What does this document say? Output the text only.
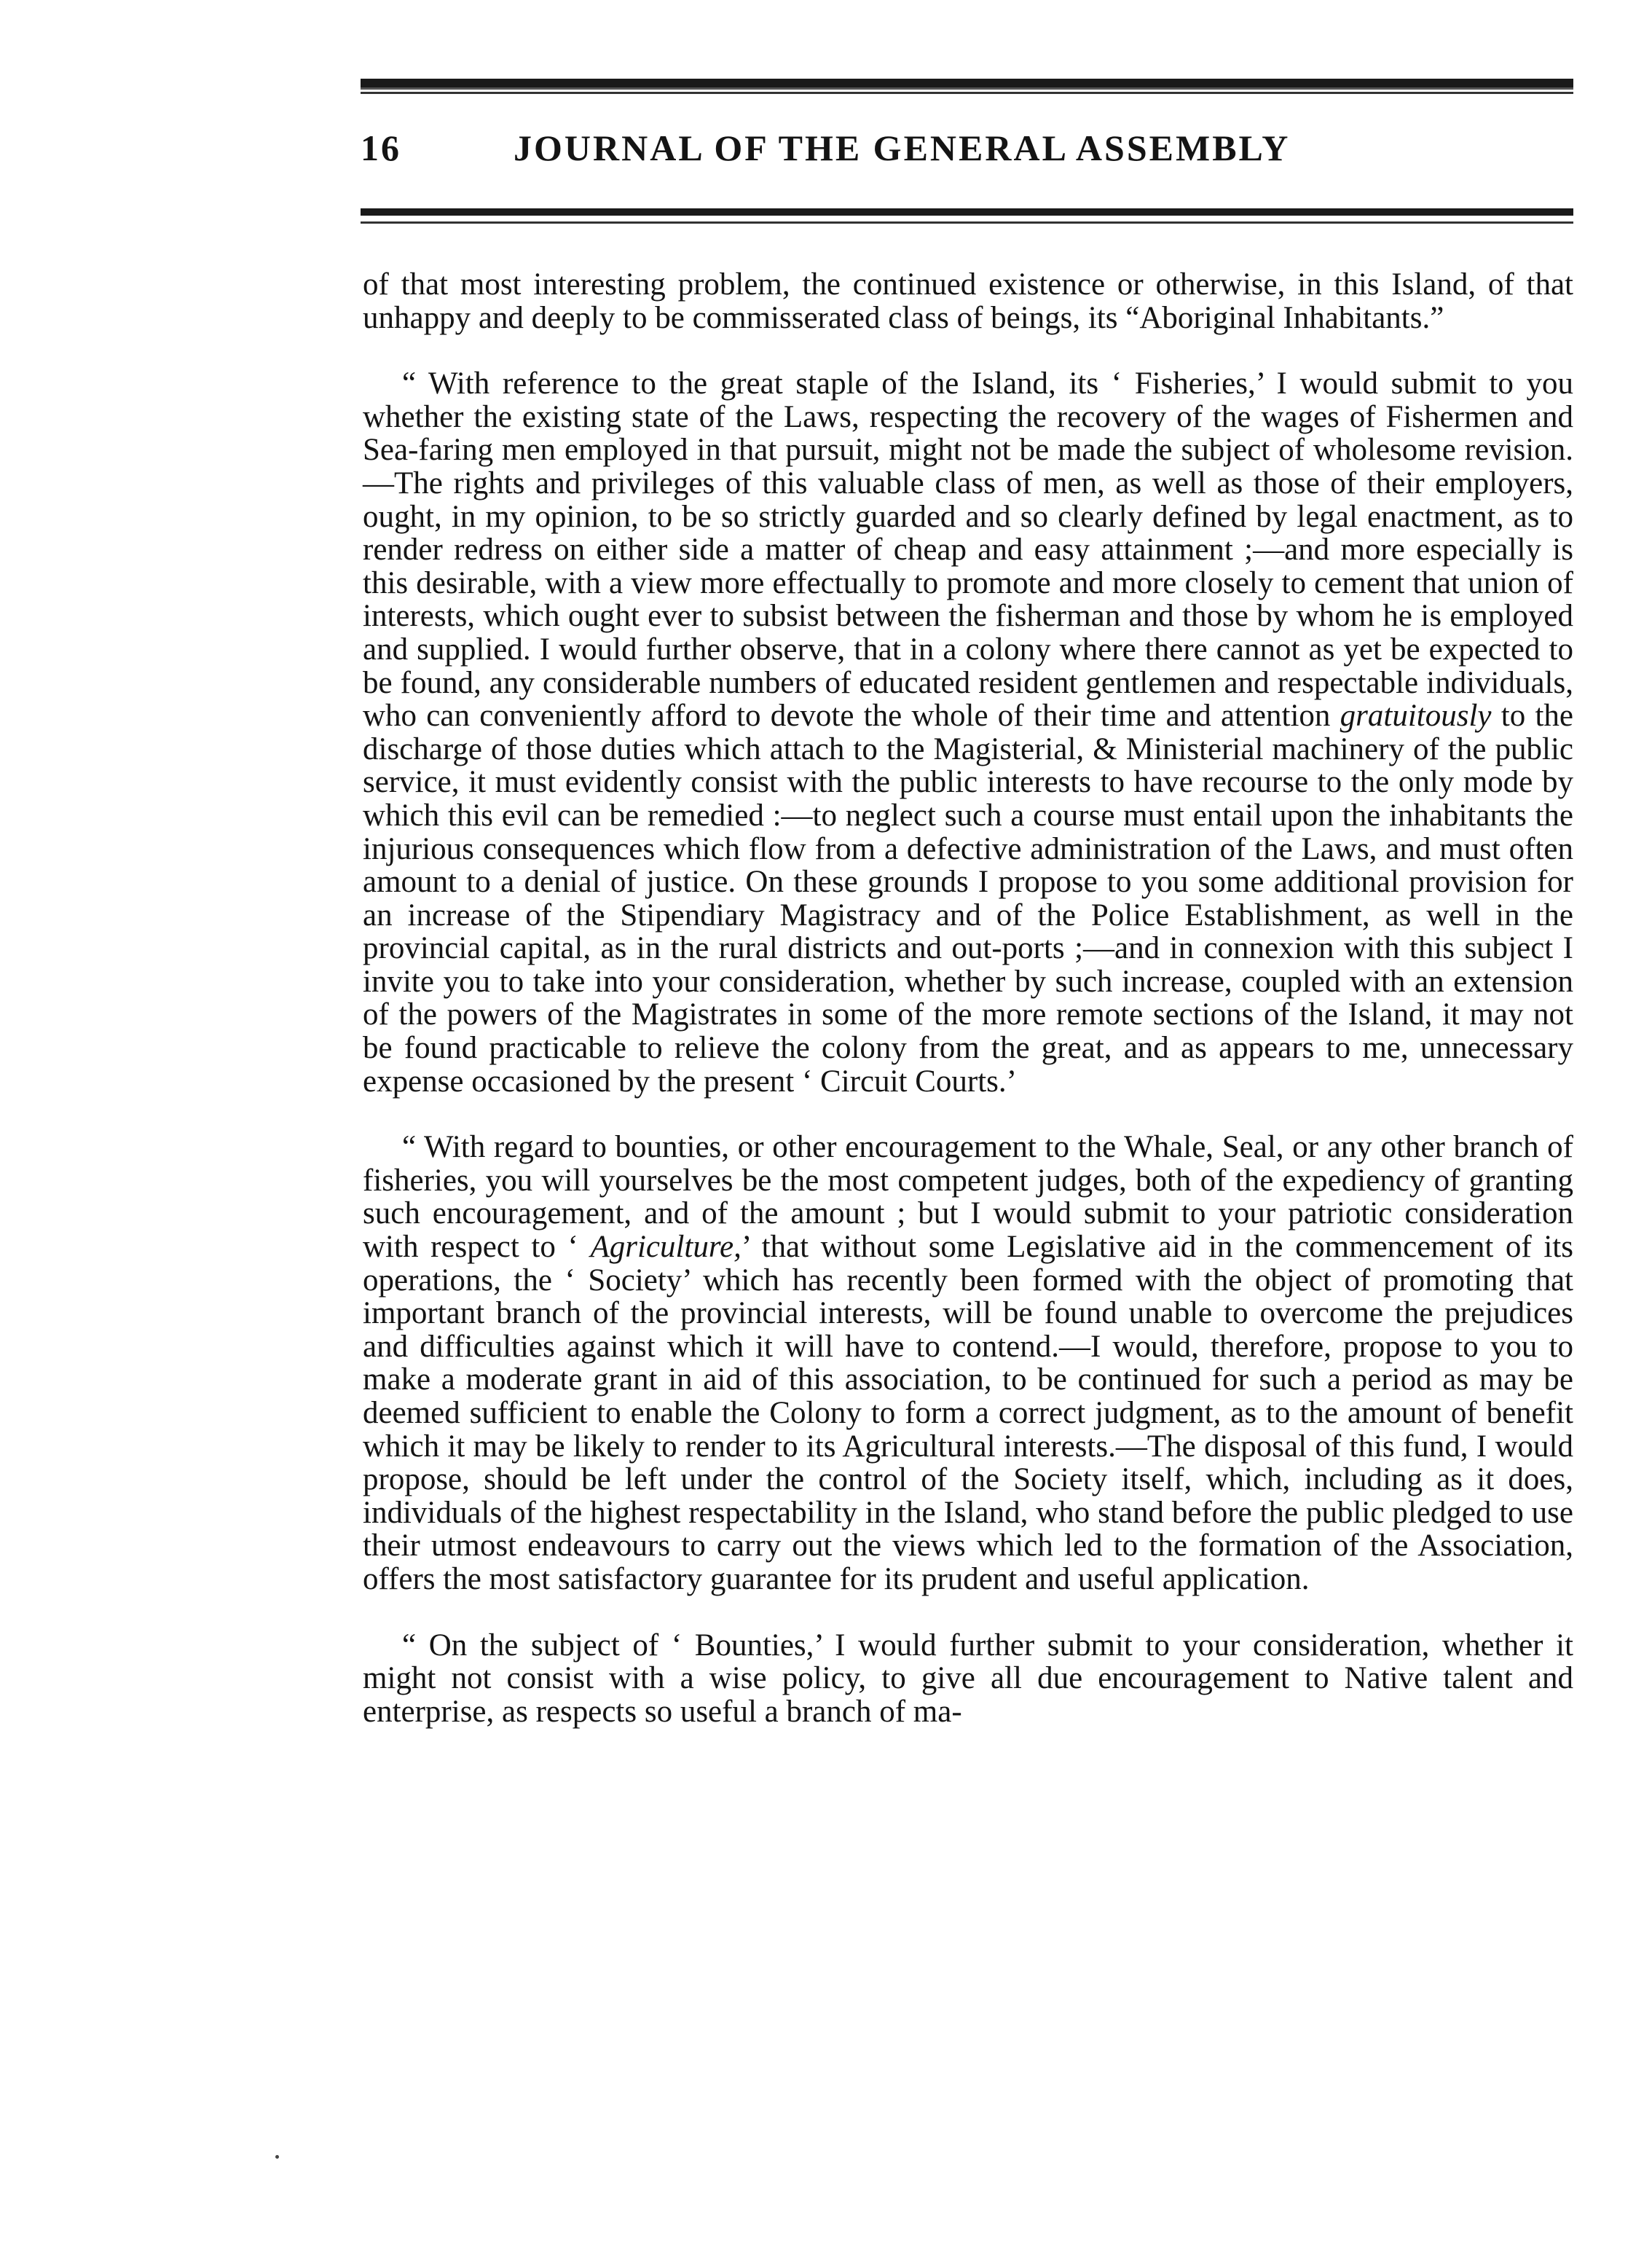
16	JOURNAL OF THE GENERAL ASSEMBLY

of that most interesting problem, the continued existence or otherwise, in this Island, of that unhappy and deeply to be commisserated class of beings, its “Aboriginal Inhabitants.”

“ With reference to the great staple of the Island, its ‘ Fisheries,’ I would submit to you whether the existing state of the Laws, respecting the recovery of the wages of Fishermen and Sea-faring men employed in that pursuit, might not be made the subject of wholesome revision.—The rights and privileges of this valuable class of men, as well as those of their employers, ought, in my opinion, to be so strictly guarded and so clearly defined by legal enactment, as to render redress on either side a matter of cheap and easy attainment ;—and more especially is this desirable, with a view more effectually to promote and more closely to cement that union of interests, which ought ever to subsist between the fisherman and those by whom he is employed and supplied. I would further observe, that in a colony where there cannot as yet be expected to be found, any considerable numbers of educated resident gentlemen and respectable individuals, who can conveniently afford to devote the whole of their time and attention gratuitously to the discharge of those duties which attach to the Magisterial, & Ministerial machinery of the public service, it must evidently consist with the public interests to have recourse to the only mode by which this evil can be remedied :—to neglect such a course must entail upon the inhabitants the injurious consequences which flow from a defective administration of the Laws, and must often amount to a denial of justice. On these grounds I propose to you some additional provision for an increase of the Stipendiary Magistracy and of the Police Establishment, as well in the provincial capital, as in the rural districts and out-ports ;—and in connexion with this subject I invite you to take into your consideration, whether by such increase, coupled with an extension of the powers of the Magistrates in some of the more remote sections of the Island, it may not be found practicable to relieve the colony from the great, and as appears to me, unnecessary expense occasioned by the present ‘ Circuit Courts.’

“ With regard to bounties, or other encouragement to the Whale, Seal, or any other branch of fisheries, you will yourselves be the most competent judges, both of the expediency of granting such encouragement, and of the amount ; but I would submit to your patriotic consideration with respect to ‘ Agriculture,’ that without some Legislative aid in the commencement of its operations, the ‘ Society’ which has recently been formed with the object of promoting that important branch of the provincial interests, will be found unable to overcome the prejudices and difficulties against which it will have to contend.—I would, therefore, propose to you to make a moderate grant in aid of this association, to be continued for such a period as may be deemed sufficient to enable the Colony to form a correct judgment, as to the amount of benefit which it may be likely to render to its Agricultural interests.—The disposal of this fund, I would propose, should be left under the control of the Society itself, which, including as it does, individuals of the highest respectability in the Island, who stand before the public pledged to use their utmost endeavours to carry out the views which led to the formation of the Association, offers the most satisfactory guarantee for its prudent and useful application.

“ On the subject of ‘ Bounties,’ I would further submit to your consideration, whether it might not consist with a wise policy, to give all due encouragement to Native talent and enterprise, as respects so useful a branch of ma-
